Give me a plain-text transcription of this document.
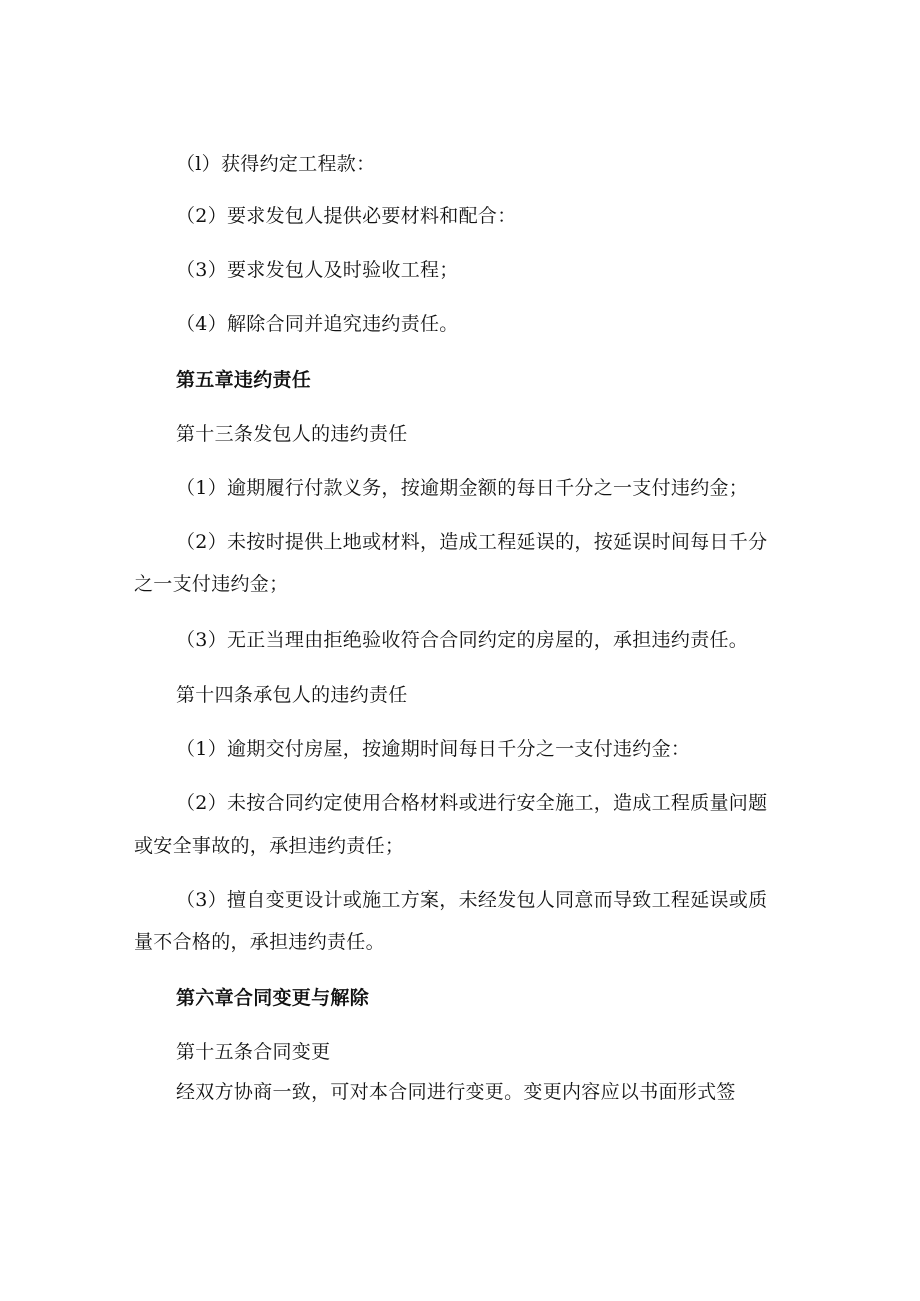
（l）获得约定工程款：
（2）要求发包人提供必要材料和配合：
（3）要求发包人及时验收工程；
（4）解除合同并追究违约责任。
第五章违约责任
第十三条发包人的违约责任
（1）逾期履行付款义务，按逾期金额的每日千分之一支付违约金；
（2）未按时提供上地或材料，造成工程延误的，按延误时间每日千分
之一支付违约金；
（3）无正当理由拒绝验收符合合同约定的房屋的，承担违约责任。
第十四条承包人的违约责任
（1）逾期交付房屋，按逾期时间每日千分之一支付违约金：
（2）未按合同约定使用合格材料或进行安全施工，造成工程质量问题
或安全事故的，承担违约责任；
（3）擅自变更设计或施工方案，未经发包人同意而导致工程延误或质
量不合格的，承担违约责任。
第六章合同变更与解除
第十五条合同变更
经双方协商一致，可对本合同进行变更。变更内容应以书面形式签
